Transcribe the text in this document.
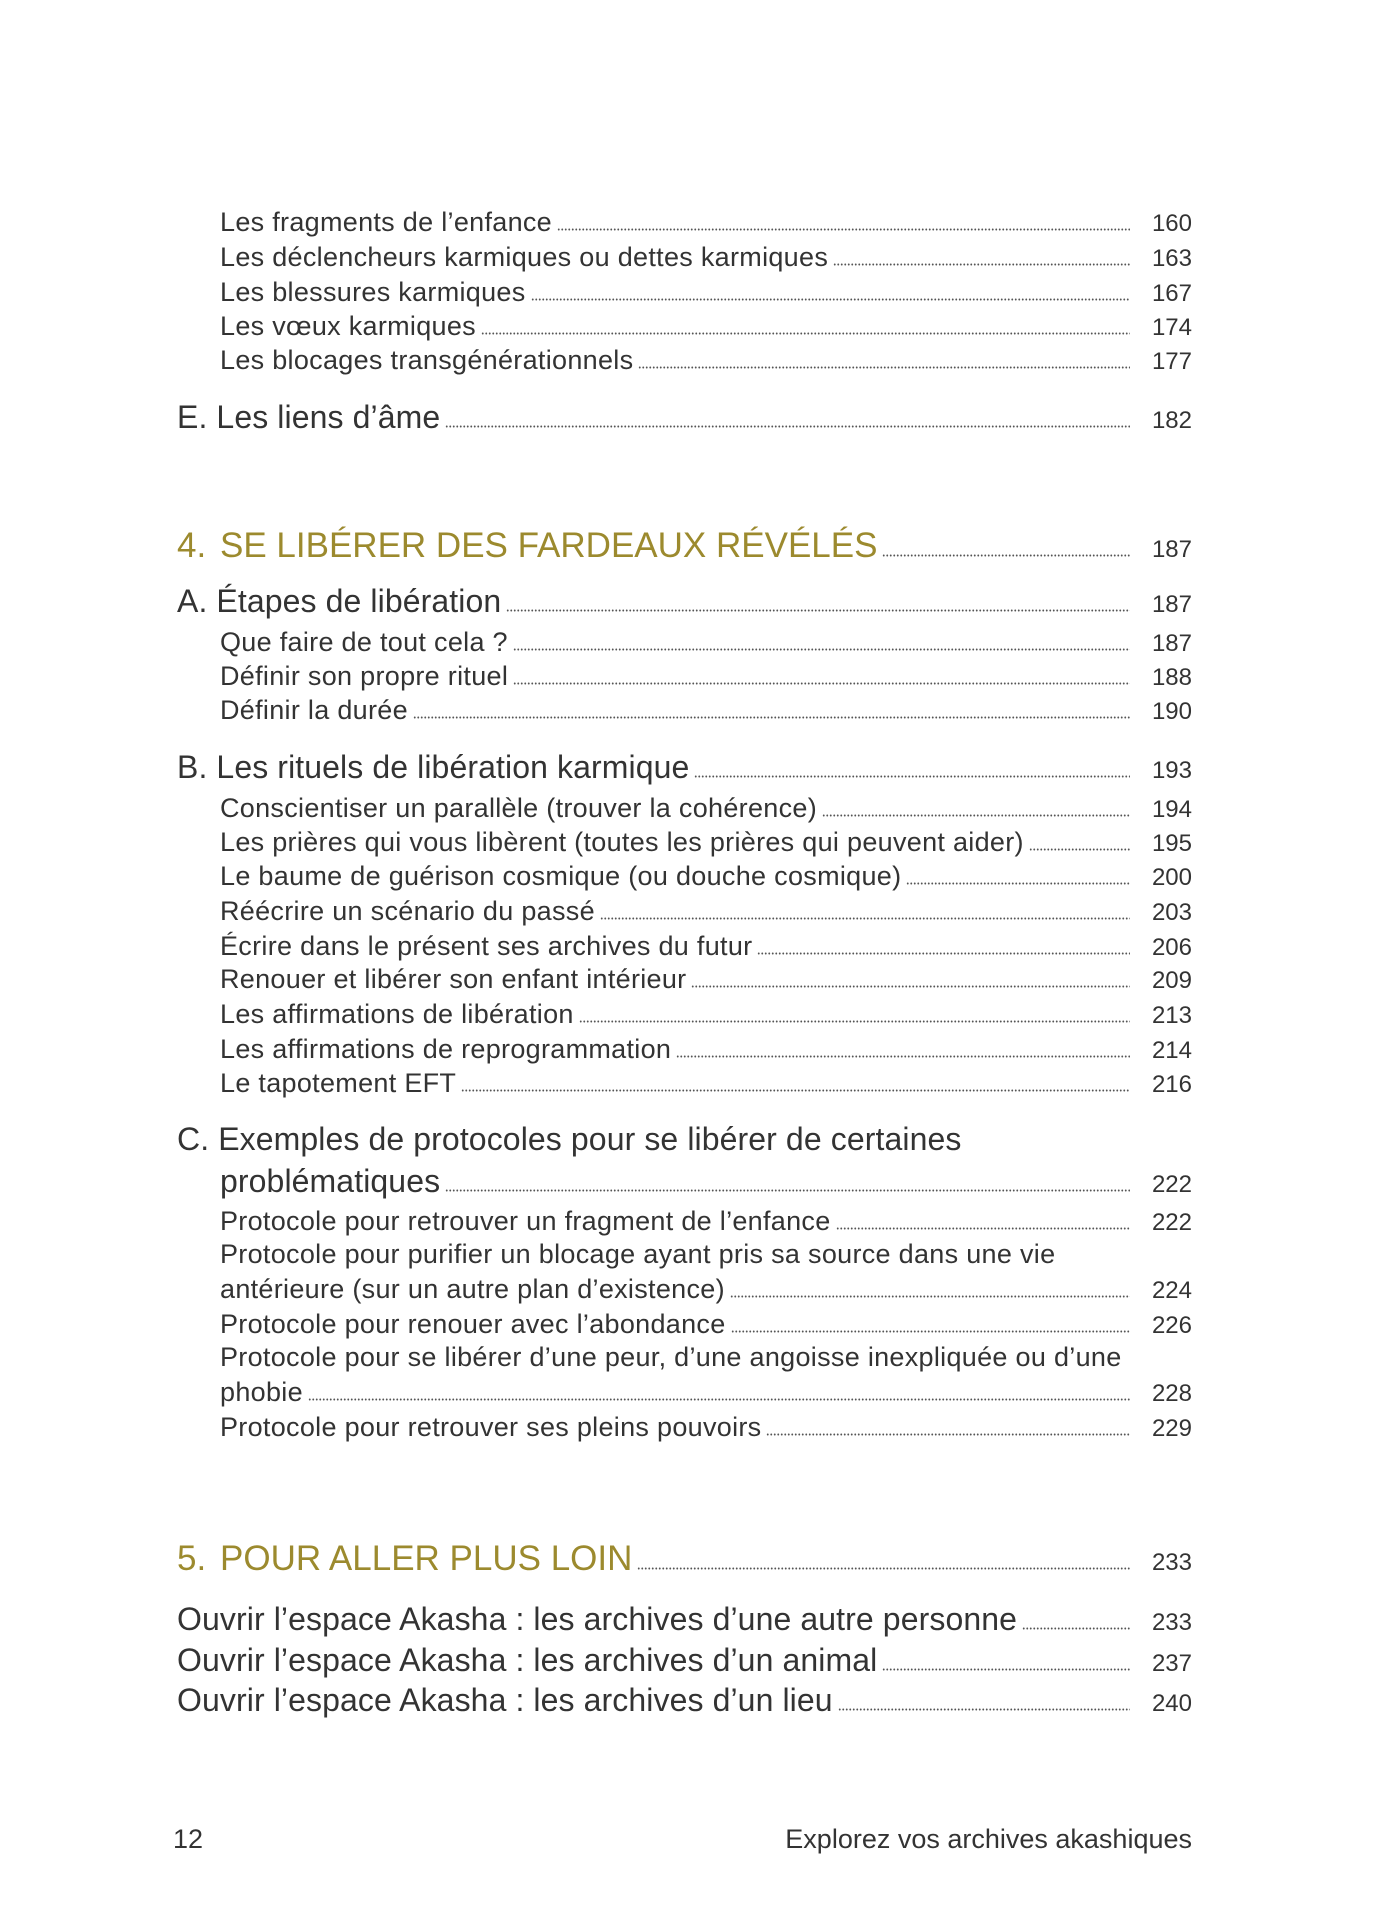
Les fragments de l’enfance	160
Les déclencheurs karmiques ou dettes karmiques	163
Les blessures karmiques	167
Les vœux karmiques	174
Les blocages transgénérationnels	177
E. Les liens d’âme	182
4. SE LIBÉRER DES FARDEAUX RÉVÉLÉS	187
A. Étapes de libération	187
Que faire de tout cela ?	187
Définir son propre rituel	188
Définir la durée	190
B. Les rituels de libération karmique	193
Conscientiser un parallèle (trouver la cohérence)	194
Les prières qui vous libèrent (toutes les prières qui peuvent aider)	195
Le baume de guérison cosmique (ou douche cosmique)	200
Réécrire un scénario du passé	203
Écrire dans le présent ses archives du futur	206
Renouer et libérer son enfant intérieur	209
Les affirmations de libération	213
Les affirmations de reprogrammation	214
Le tapotement EFT	216
C. Exemples de protocoles pour se libérer de certaines
problématiques	222
Protocole pour retrouver un fragment de l’enfance	222
Protocole pour purifier un blocage ayant pris sa source dans une vie
antérieure (sur un autre plan d’existence)	224
Protocole pour renouer avec l’abondance	226
Protocole pour se libérer d’une peur, d’une angoisse inexpliquée ou d’une
phobie	228
Protocole pour retrouver ses pleins pouvoirs	229
5. POUR ALLER PLUS LOIN	233
Ouvrir l’espace Akasha : les archives d’une autre personne	233
Ouvrir l’espace Akasha : les archives d’un animal	237
Ouvrir l’espace Akasha : les archives d’un lieu	240
12	Explorez vos archives akashiques
